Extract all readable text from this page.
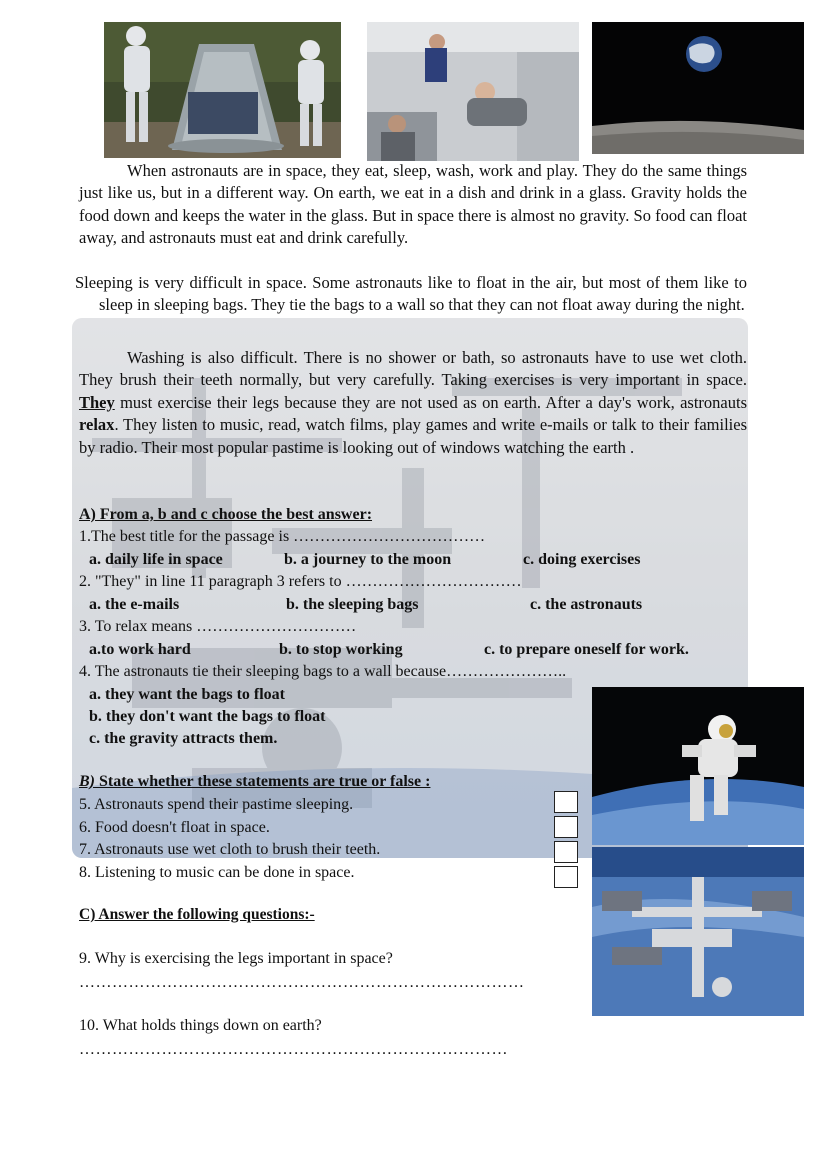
When astronauts are in space, they eat, sleep, wash, work and play. They do the same things just like us, but in a different way. On earth, we eat in a dish and drink in a glass. Gravity holds the food down and keeps the water in the glass. But in space there is almost no gravity. So food can float away, and astronauts must eat and drink carefully.
Sleeping is very difficult in space. Some astronauts like to float in the air, but most of them like to sleep in sleeping bags. They tie the bags to a wall so that they can not float away during the night.
Washing is also difficult. There is no shower or bath, so astronauts have to use wet cloth. They brush their teeth normally, but very carefully. Taking exercises is very important in space. They must exercise their legs because they are not used as on earth. After a day's work, astronauts relax. They listen to music, read, watch films, play games and write e-mails or talk to their families by radio. Their most popular pastime is looking out of windows watching the earth .
A) From a, b and c choose the best answer:
1.The best title for the passage is ………………………………
a. daily life in space	b. a journey to the moon	c. doing exercises
2. "They" in line 11 paragraph 3 refers to ……………………………
a. the e-mails	b. the sleeping bags	c. the astronauts
3. To relax means …………………………
a.to work hard	b. to stop working	c. to prepare oneself for work.
4. The astronauts tie their sleeping bags to a wall because…………………..
a. they want the bags to float
b. they don't want the bags to float
c. the gravity attracts them.
B) State whether these statements are true or false :
5. Astronauts spend their pastime sleeping.
6. Food doesn't float in space.
7. Astronauts use wet cloth to brush their teeth.
8. Listening to music can be done in space.
C) Answer the following questions:-
9. Why is exercising the legs important in space?
………………………………………………………………………
10. What holds things down on earth?
……………………………………………………………………
